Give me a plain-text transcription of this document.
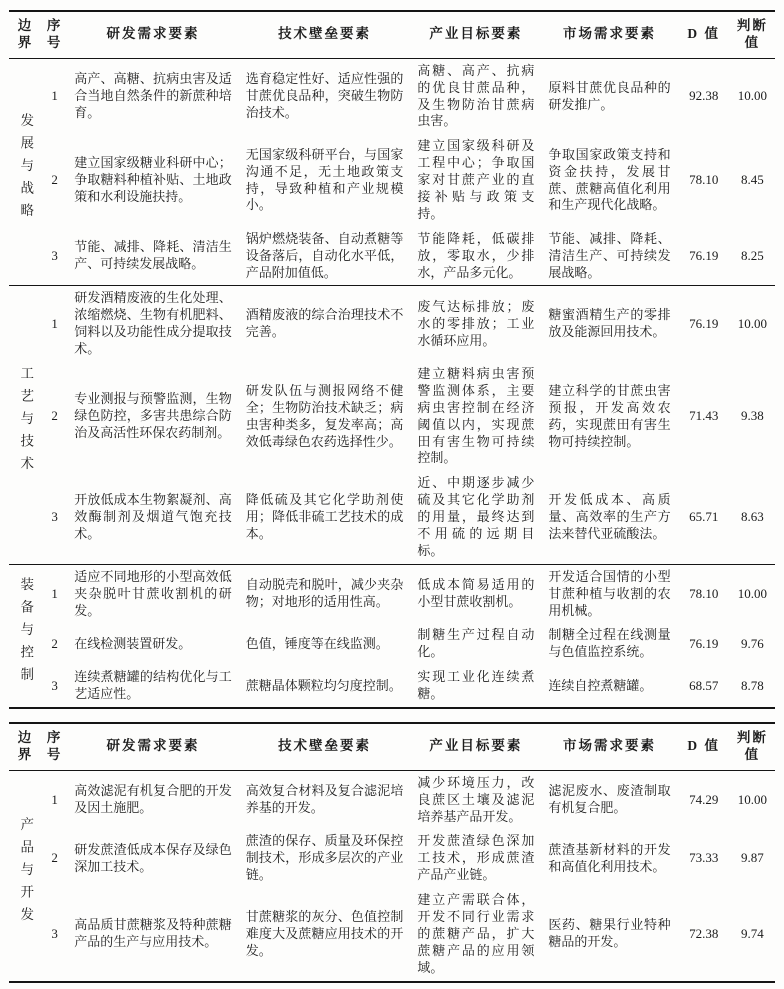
边界	序号	研发需求要素	技术壁垒要素	产业目标要素	市场需求要素	D 值	判断值
发展与战略	1	高产、高糖、抗病虫害及适合当地自然条件的新蔗种培育。	选育稳定性好、适应性强的甘蔗优良品种，突破生物防治技术。	高糖、高产、抗病的优良甘蔗品种，及生物防治甘蔗病虫害。	原料甘蔗优良品种的研发推广。	92.38	10.00
	2	建立国家级糖业科研中心；争取糖料种植补贴、土地政策和水利设施扶持。	无国家级科研平台，与国家沟通不足，无土地政策支持，导致种植和产业规模小。	建立国家级科研及工程中心；争取国家对甘蔗产业的直接补贴与政策支持。	争取国家政策支持和资金扶持，发展甘蔗、蔗糖高值化利用和生产现代化战略。	78.10	8.45
	3	节能、减排、降耗、清洁生产、可持续发展战略。	锅炉燃烧装备、自动煮糖等设备落后，自动化水平低，产品附加值低。	节能降耗，低碳排放，零取水，少排水，产品多元化。	节能、减排、降耗、清洁生产、可持续发展战略。	76.19	8.25
工艺与技术	1	研发酒精废液的生化处理、浓缩燃烧、生物有机肥料、饲料以及功能性成分提取技术。	酒精废液的综合治理技术不完善。	废气达标排放；废水的零排放；工业水循环应用。	糖蜜酒精生产的零排放及能源回用技术。	76.19	10.00
	2	专业测报与预警监测，生物绿色防控，多害共患综合防治及高活性环保农药制剂。	研发队伍与测报网络不健全；生物防治技术缺乏；病虫害种类多，复发率高；高效低毒绿色农药选择性少。	建立糖料病虫害预警监测体系，主要病虫害控制在经济阈值以内，实现蔗田有害生物可持续控制。	建立科学的甘蔗虫害预报，开发高效农药，实现蔗田有害生物可持续控制。	71.43	9.38
	3	开放低成本生物絮凝剂、高效酶制剂及烟道气饱充技术。	降低硫及其它化学助剂使用；降低非硫工艺技术的成本。	近、中期逐步减少硫及其它化学助剂的用量，最终达到不用硫的远期目标。	开发低成本、高质量、高效率的生产方法来替代亚硫酸法。	65.71	8.63
装备与控制	1	适应不同地形的小型高效低夹杂脱叶甘蔗收割机的研发。	自动脱壳和脱叶，减少夹杂物；对地形的适用性高。	低成本简易适用的小型甘蔗收割机。	开发适合国情的小型甘蔗种植与收割的农用机械。	78.10	10.00
	2	在线检测装置研发。	色值，锤度等在线监测。	制糖生产过程自动化。	制糖全过程在线测量与色值监控系统。	76.19	9.76
	3	连续煮糖罐的结构优化与工艺适应性。	蔗糖晶体颗粒均匀度控制。	实现工业化连续煮糖。	连续自控煮糖罐。	68.57	8.78
边界	序号	研发需求要素	技术壁垒要素	产业目标要素	市场需求要素	D 值	判断值
产品与开发	1	高效滤泥有机复合肥的开发及因土施肥。	高效复合材料及复合滤泥培养基的开发。	减少环境压力，改良蔗区土壤及滤泥培养基产品开发。	滤泥废水、废渣制取有机复合肥。	74.29	10.00
	2	研发蔗渣低成本保存及绿色深加工技术。	蔗渣的保存、质量及环保控制技术，形成多层次的产业链。	开发蔗渣绿色深加工技术，形成蔗渣产品产业链。	蔗渣基新材料的开发和高值化利用技术。	73.33	9.87
	3	高品质甘蔗糖浆及特种蔗糖产品的生产与应用技术。	甘蔗糖浆的灰分、色值控制难度大及蔗糖应用技术的开发。	建立产需联合体，开发不同行业需求的蔗糖产品，扩大蔗糖产品的应用领域。	医药、糖果行业特种糖品的开发。	72.38	9.74
